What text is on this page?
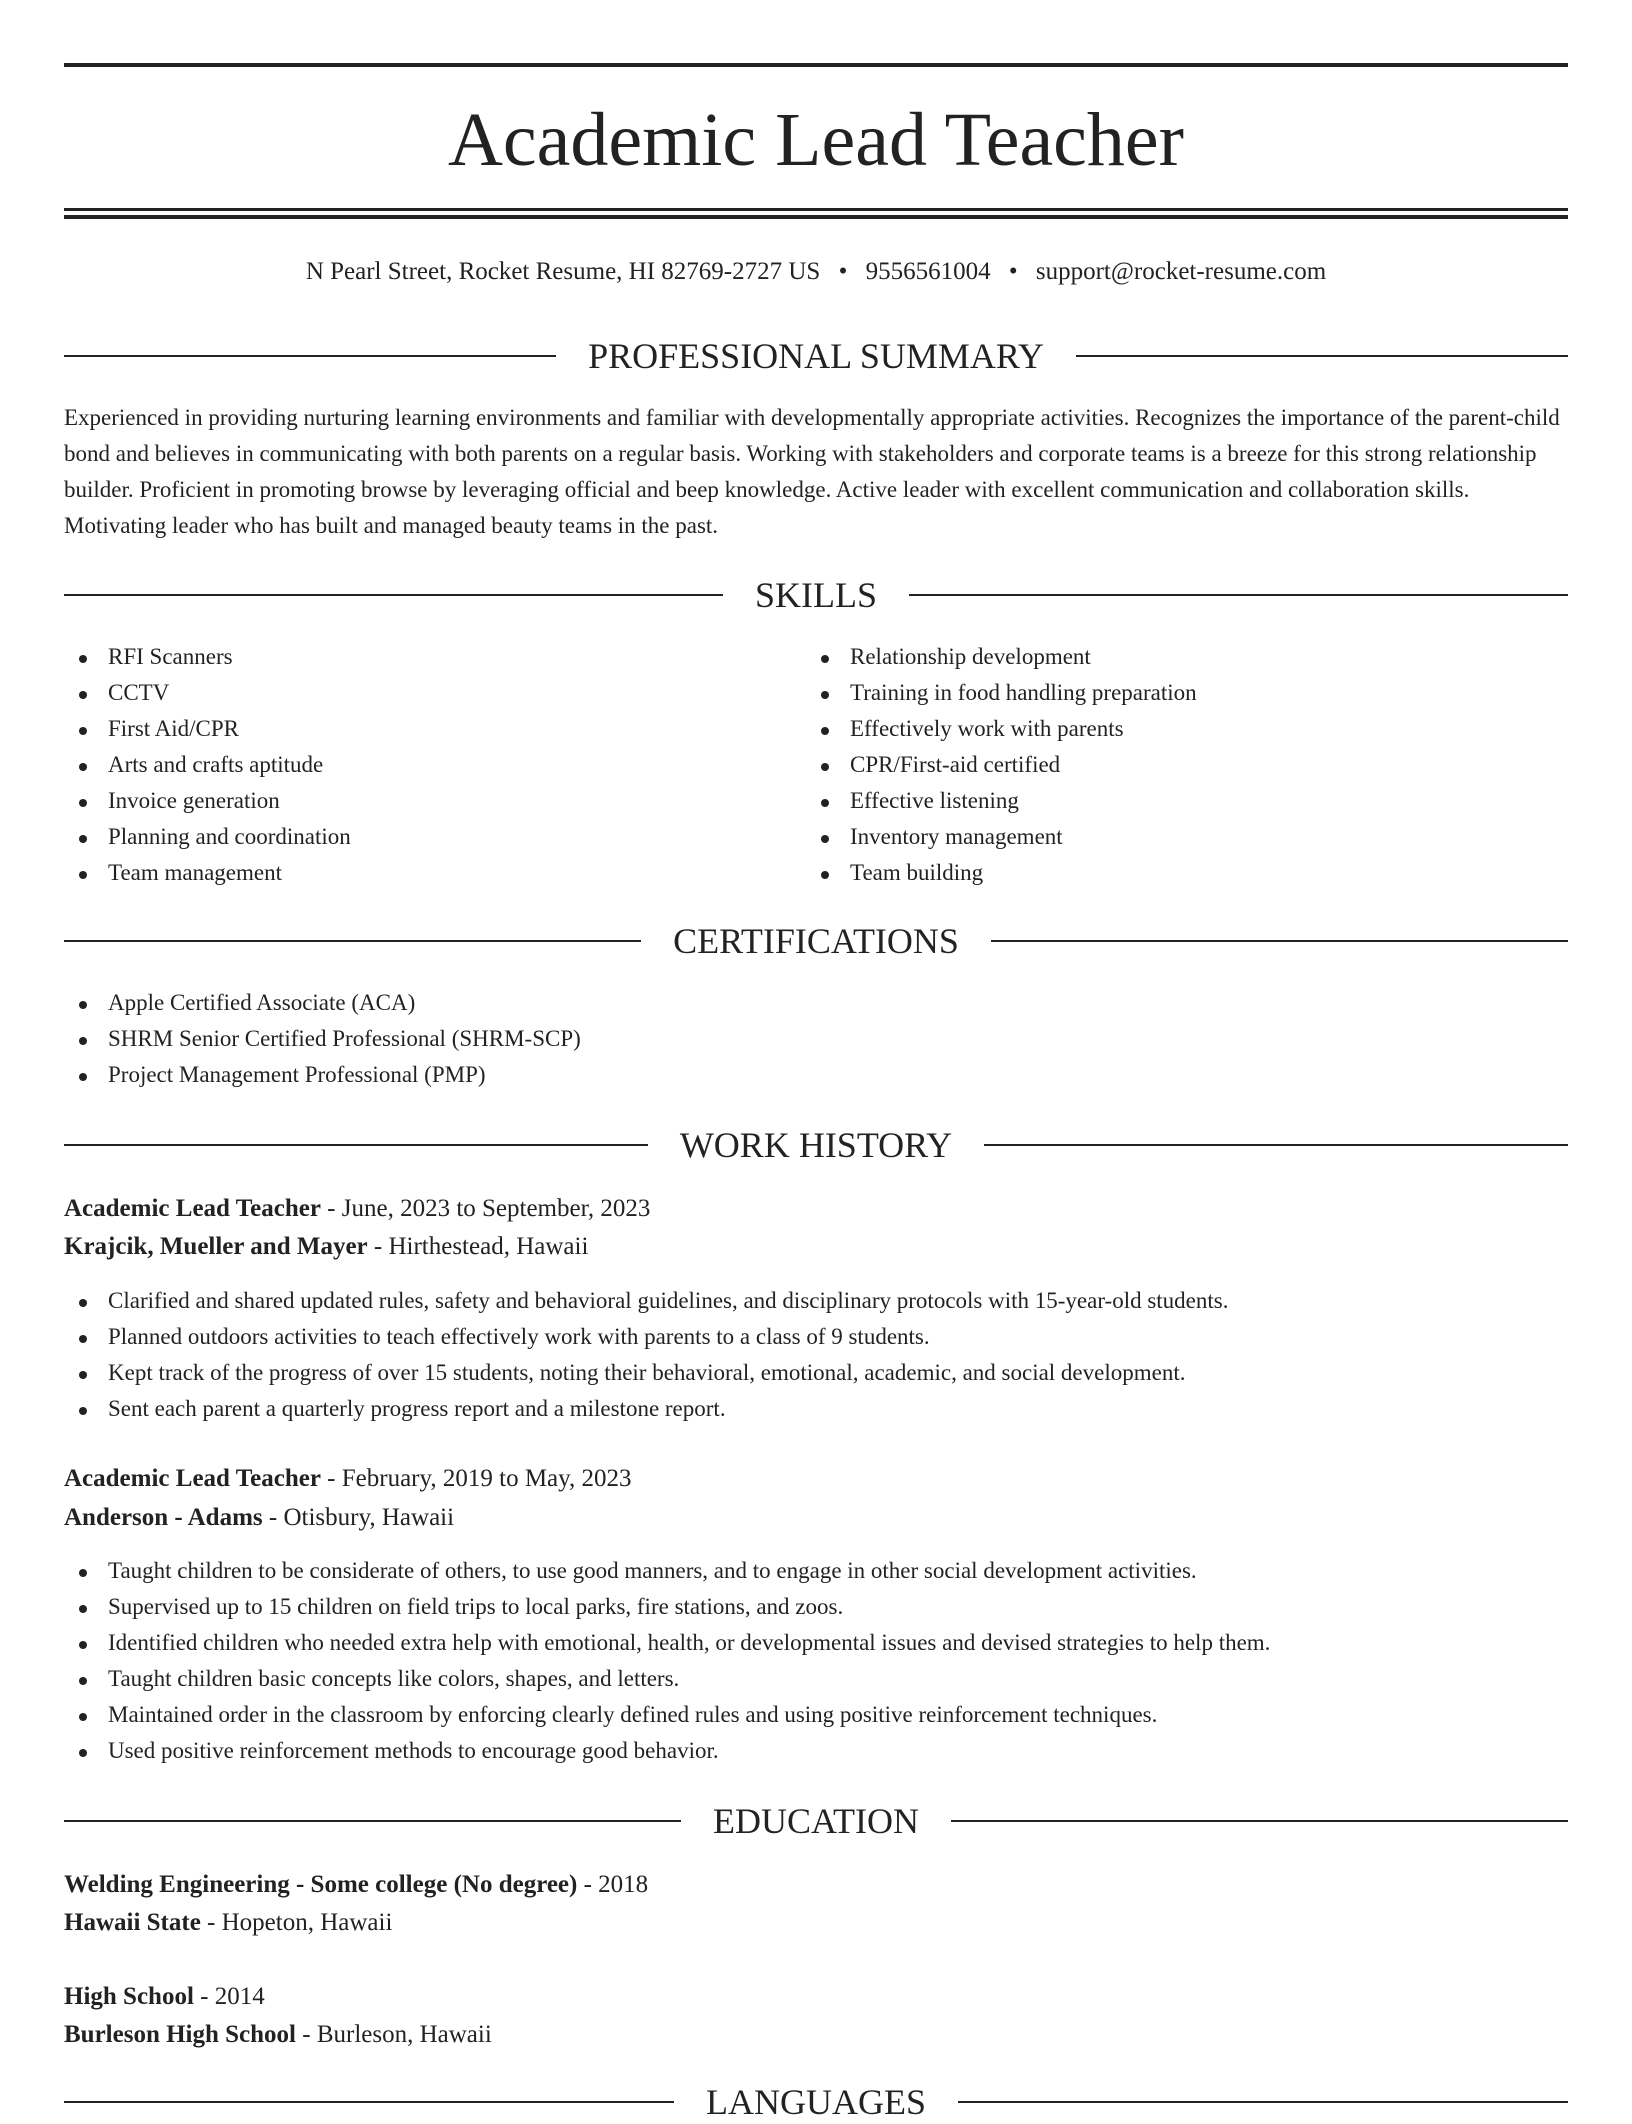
Academic Lead Teacher
N Pearl Street, Rocket Resume, HI 82769-2727 US • 9556561004 • support@rocket-resume.com
PROFESSIONAL SUMMARY

Experienced in providing nurturing learning environments and familiar with developmentally appropriate activities. Recognizes the importance of the parent-child bond and believes in communicating with both parents on a regular basis. Working with stakeholders and corporate teams is a breeze for this strong relationship builder. Proficient in promoting browse by leveraging official and beep knowledge. Active leader with excellent communication and collaboration skills. Motivating leader who has built and managed beauty teams in the past.

SKILLS
RFI Scanners
CCTV
First Aid/CPR
Arts and crafts aptitude
Invoice generation
Planning and coordination
Team management
Relationship development
Training in food handling preparation
Effectively work with parents
CPR/First-aid certified
Effective listening
Inventory management
Team building
CERTIFICATIONS
Apple Certified Associate (ACA)
SHRM Senior Certified Professional (SHRM-SCP)
Project Management Professional (PMP)
WORK HISTORY
Academic Lead Teacher - June, 2023 to September, 2023
Krajcik, Mueller and Mayer - Hirthestead, Hawaii
Clarified and shared updated rules, safety and behavioral guidelines, and disciplinary protocols with 15-year-old students.
Planned outdoors activities to teach effectively work with parents to a class of 9 students.
Kept track of the progress of over 15 students, noting their behavioral, emotional, academic, and social development.
Sent each parent a quarterly progress report and a milestone report.
Academic Lead Teacher - February, 2019 to May, 2023
Anderson - Adams - Otisbury, Hawaii
Taught children to be considerate of others, to use good manners, and to engage in other social development activities.
Supervised up to 15 children on field trips to local parks, fire stations, and zoos.
Identified children who needed extra help with emotional, health, or developmental issues and devised strategies to help them.
Taught children basic concepts like colors, shapes, and letters.
Maintained order in the classroom by enforcing clearly defined rules and using positive reinforcement techniques.
Used positive reinforcement methods to encourage good behavior.
EDUCATION
Welding Engineering - Some college (No degree) - 2018
Hawaii State - Hopeton, Hawaii
High School - 2014
Burleson High School - Burleson, Hawaii
LANGUAGES
